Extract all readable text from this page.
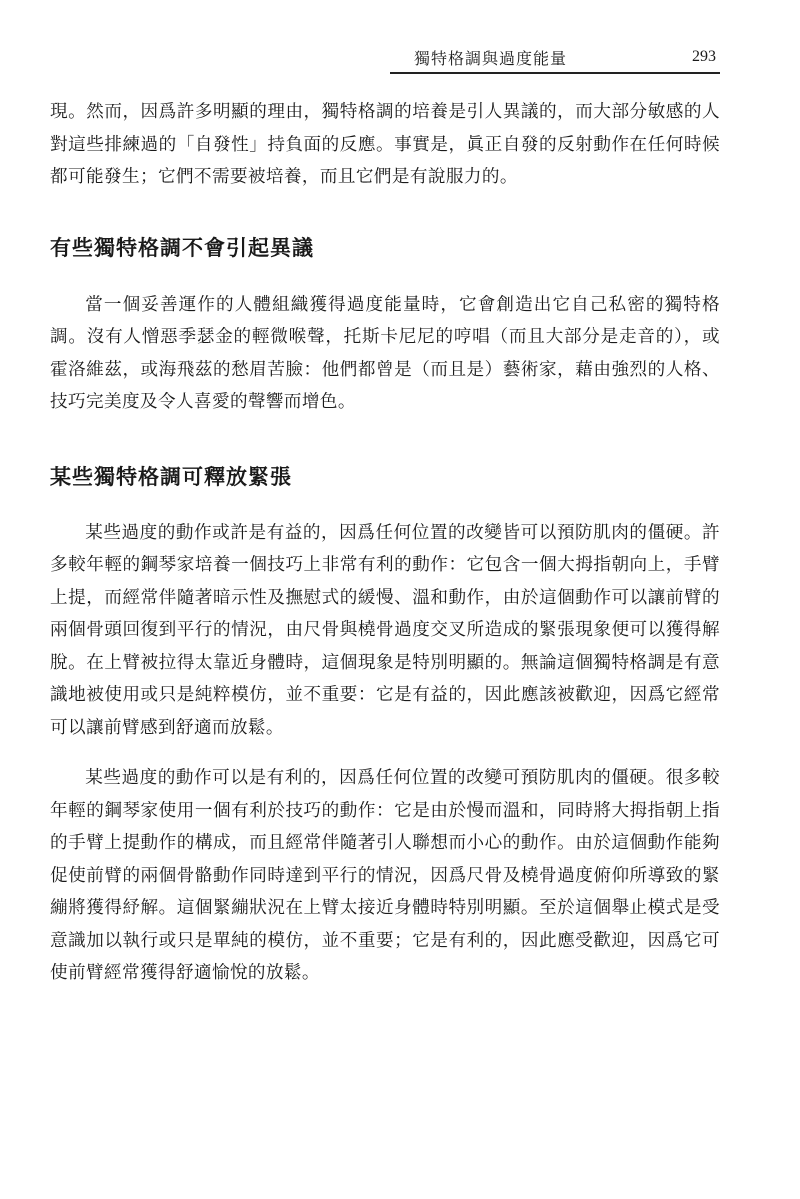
獨特格調與過度能量	293

現。然而，因爲許多明顯的理由，獨特格調的培養是引人異議的，而大部分敏感的人對這些排練過的「自發性」持負面的反應。事實是，眞正自發的反射動作在任何時候都可能發生；它們不需要被培養，而且它們是有說服力的。

有些獨特格調不會引起異議

當一個妥善運作的人體組織獲得過度能量時，它會創造出它自己私密的獨特格調。沒有人憎惡季瑟金的輕微喉聲，托斯卡尼尼的哼唱（而且大部分是走音的），或霍洛維茲，或海飛茲的愁眉苦臉：他們都曾是（而且是）藝術家，藉由強烈的人格、技巧完美度及令人喜愛的聲響而增色。

某些獨特格調可釋放緊張

某些過度的動作或許是有益的，因爲任何位置的改變皆可以預防肌肉的僵硬。許多較年輕的鋼琴家培養一個技巧上非常有利的動作：它包含一個大拇指朝向上，手臂上提，而經常伴隨著暗示性及撫慰式的緩慢、溫和動作，由於這個動作可以讓前臂的兩個骨頭回復到平行的情況，由尺骨與橈骨過度交叉所造成的緊張現象便可以獲得解脫。在上臂被拉得太靠近身體時，這個現象是特別明顯的。無論這個獨特格調是有意識地被使用或只是純粹模仿，並不重要：它是有益的，因此應該被歡迎，因爲它經常可以讓前臂感到舒適而放鬆。

某些過度的動作可以是有利的，因爲任何位置的改變可預防肌肉的僵硬。很多較年輕的鋼琴家使用一個有利於技巧的動作：它是由於慢而溫和，同時將大拇指朝上指的手臂上提動作的構成，而且經常伴隨著引人聯想而小心的動作。由於這個動作能夠促使前臂的兩個骨骼動作同時達到平行的情況，因爲尺骨及橈骨過度俯仰所導致的緊繃將獲得紓解。這個緊繃狀況在上臂太接近身體時特別明顯。至於這個舉止模式是受意識加以執行或只是單純的模仿，並不重要；它是有利的，因此應受歡迎，因爲它可使前臂經常獲得舒適愉悅的放鬆。
